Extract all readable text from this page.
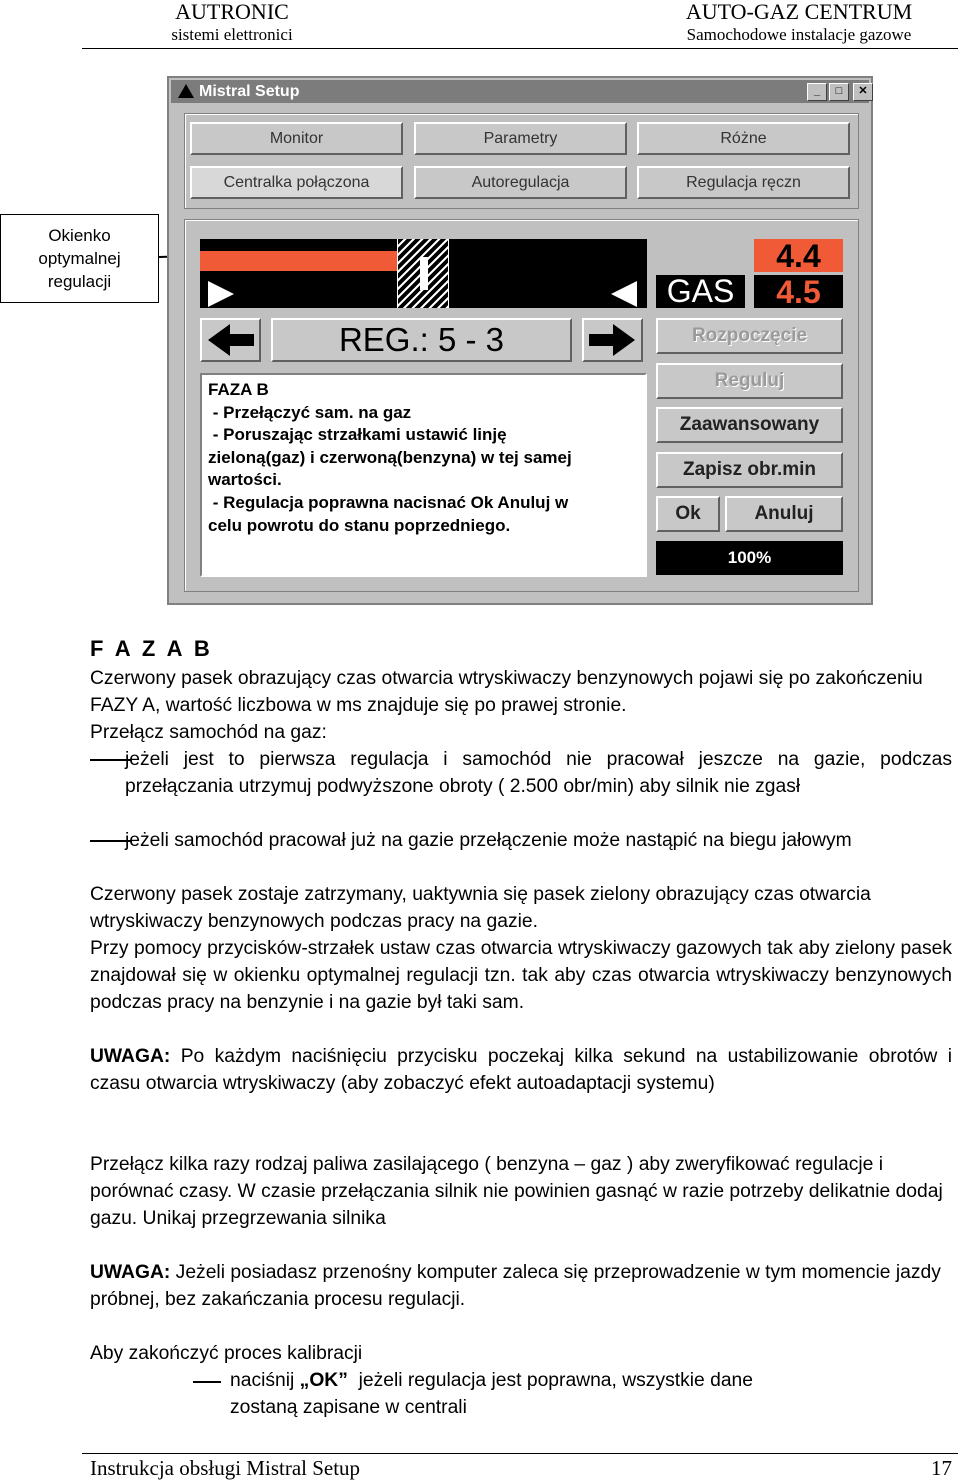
AUTRONIC
sistemi elettronici
AUTO-GAZ CENTRUM
Samochodowe instalacje gazowe
Okienko
optymalnej
regulacji
Mistral Setup	_	□	✕
Monitor	Parametry	Różne
Centralka połączona	Autoregulacja	Regulacja ręczn
GAS
4.4
4.5
REG.: 5 - 3
FAZA B
- Przełączyć sam. na gaz
- Poruszając strzałkami ustawić linję
zieloną(gaz) i czerwoną(benzyna) w tej samej
wartości.
- Regulacja poprawna nacisnać Ok Anuluj w
celu powrotu do stanu poprzedniego.
Rozpoczęcie
Reguluj
Zaawansowany
Zapisz obr.min
Ok	Anuluj
100%
F A Z A B
Czerwony pasek obrazujący czas otwarcia wtryskiwaczy benzynowych pojawi się po zakończeniu FAZY A, wartość liczbowa w ms znajduje się po prawej stronie.
Przełącz samochód na gaz:
jeżeli jest to pierwsza regulacja i samochód nie pracował jeszcze na gazie, podczas przełączania utrzymuj podwyższone obroty ( 2.500 obr/min) aby silnik nie zgasł
jeżeli samochód pracował już na gazie przełączenie może nastąpić na biegu jałowym
Czerwony pasek zostaje zatrzymany, uaktywnia się pasek zielony obrazujący czas otwarcia wtryskiwaczy benzynowych podczas pracy na gazie.
Przy pomocy przycisków-strzałek ustaw czas otwarcia wtryskiwaczy gazowych tak aby zielony pasek znajdował się w okienku optymalnej regulacji tzn. tak aby czas otwarcia wtryskiwaczy benzynowych podczas pracy na benzynie i na gazie był taki sam.
UWAGA: Po każdym naciśnięciu przycisku poczekaj kilka sekund na ustabilizowanie obrotów i czasu otwarcia wtryskiwaczy (aby zobaczyć efekt autoadaptacji systemu)
Przełącz kilka razy rodzaj paliwa zasilającego ( benzyna – gaz ) aby zweryfikować regulacje i porównać czasy. W czasie przełączania silnik nie powinien gasnąć w razie potrzeby delikatnie dodaj gazu. Unikaj przegrzewania silnika
UWAGA: Jeżeli posiadasz przenośny komputer zaleca się przeprowadzenie w tym momencie jazdy próbnej, bez zakańczania procesu regulacji.
Aby zakończyć proces kalibracji
naciśnij „OK”  jeżeli regulacja jest poprawna, wszystkie dane
zostaną zapisane w centrali
Instrukcja obsługi Mistral Setup	17
